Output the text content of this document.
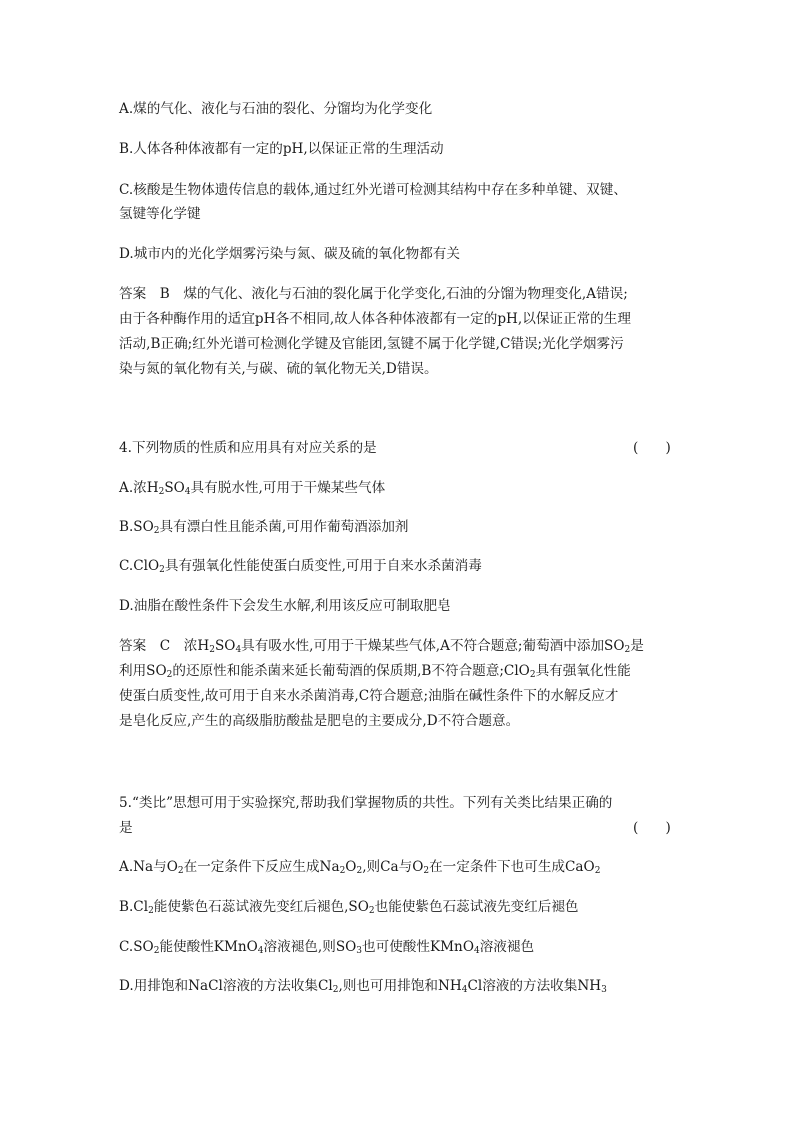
A.煤的气化、液化与石油的裂化、分馏均为化学变化
B.人体各种体液都有一定的pH,以保证正常的生理活动
C.核酸是生物体遗传信息的载体,通过红外光谱可检测其结构中存在多种单键、双键、
氢键等化学键
D.城市内的光化学烟雾污染与氮、碳及硫的氧化物都有关
答案　B　煤的气化、液化与石油的裂化属于化学变化,石油的分馏为物理变化,A错误;
由于各种酶作用的适宜pH各不相同,故人体各种体液都有一定的pH,以保证正常的生理
活动,B正确;红外光谱可检测化学键及官能团,氢键不属于化学键,C错误;光化学烟雾污
染与氮的氧化物有关,与碳、硫的氧化物无关,D错误。
4.下列物质的性质和应用具有对应关系的是	(　　)
A.浓$H_2SO_4$具有脱水性,可用于干燥某些气体
$B.SO_2$具有漂白性且能杀菌,可用作葡萄酒添加剂
C.ClO$_2$具有强氧化性能使蛋白质变性,可用于自来水杀菌消毒
D.油脂在酸性条件下会发生水解,利用该反应可制取肥皂
答案　C　浓$H_2SO_4$具有吸水性,可用于干燥某些气体,A不符合题意;葡萄酒中添加$SO_2$是
利用$SO_2$的还原性和能杀菌来延长葡萄酒的保质期,B不符合题意;ClO$_2$具有强氧化性能
使蛋白质变性,故可用于自来水杀菌消毒,C符合题意;油脂在碱性条件下的水解反应才
是皂化反应,产生的高级脂肪酸盐是肥皂的主要成分,D不符合题意。
5.“类比”思想可用于实验探究,帮助我们掌握物质的共性。下列有关类比结果正确的
是	(　　)
A.Na与$O_2$在一定条件下反应生成$Na_2O_2$,则Ca与$O_2$在一定条件下也可生成CaO$_2$
$B.Cl_2$能使紫色石蕊试液先变红后褪色$,SO_2$也能使紫色石蕊试液先变红后褪色
$C.SO_2$能使酸性KMnO$_4$溶液褪色,则$SO_3$也可使酸性KMnO$_4$溶液褪色
D.用排饱和NaCl溶液的方法收集$Cl_2$,则也可用排饱和$NH_4Cl$溶液的方法收集$NH_3$
